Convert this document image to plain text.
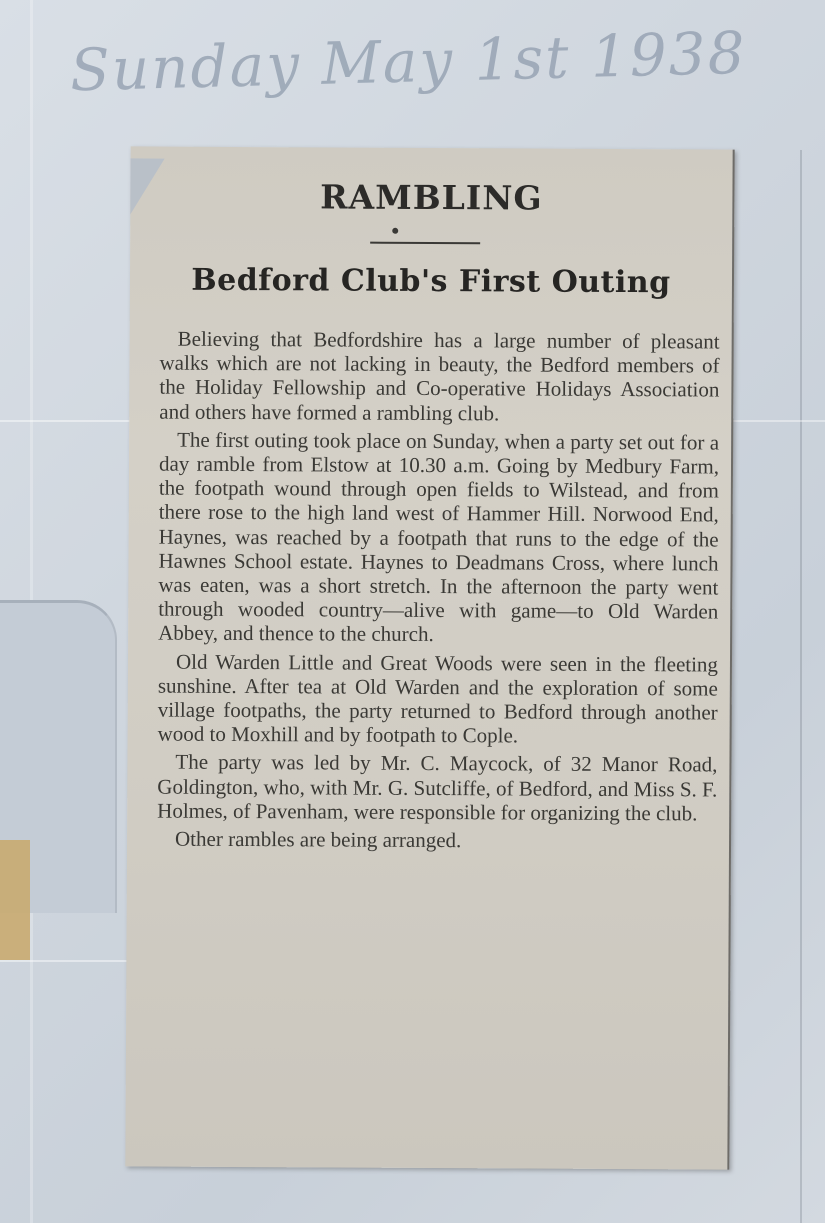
Sunday May 1st 1938
RAMBLING
Bedford Club's First Outing

Believing that Bedfordshire has a large number of pleasant walks which are not lacking in beauty, the Bedford members of the Holiday Fellowship and Co-operative Holidays Association and others have formed a rambling club.

The first outing took place on Sunday, when a party set out for a day ramble from Elstow at 10.30 a.m. Going by Medbury Farm, the footpath wound through open fields to Wilstead, and from there rose to the high land west of Hammer Hill. Norwood End, Haynes, was reached by a footpath that runs to the edge of the Hawnes School estate. Haynes to Deadmans Cross, where lunch was eaten, was a short stretch. In the afternoon the party went through wooded country—alive with game—to Old Warden Abbey, and thence to the church.

Old Warden Little and Great Woods were seen in the fleeting sunshine. After tea at Old Warden and the exploration of some village footpaths, the party returned to Bedford through another wood to Moxhill and by footpath to Cople.

The party was led by Mr. C. Maycock, of 32 Manor Road, Goldington, who, with Mr. G. Sutcliffe, of Bedford, and Miss S. F. Holmes, of Pavenham, were responsible for organizing the club.

Other rambles are being arranged.
